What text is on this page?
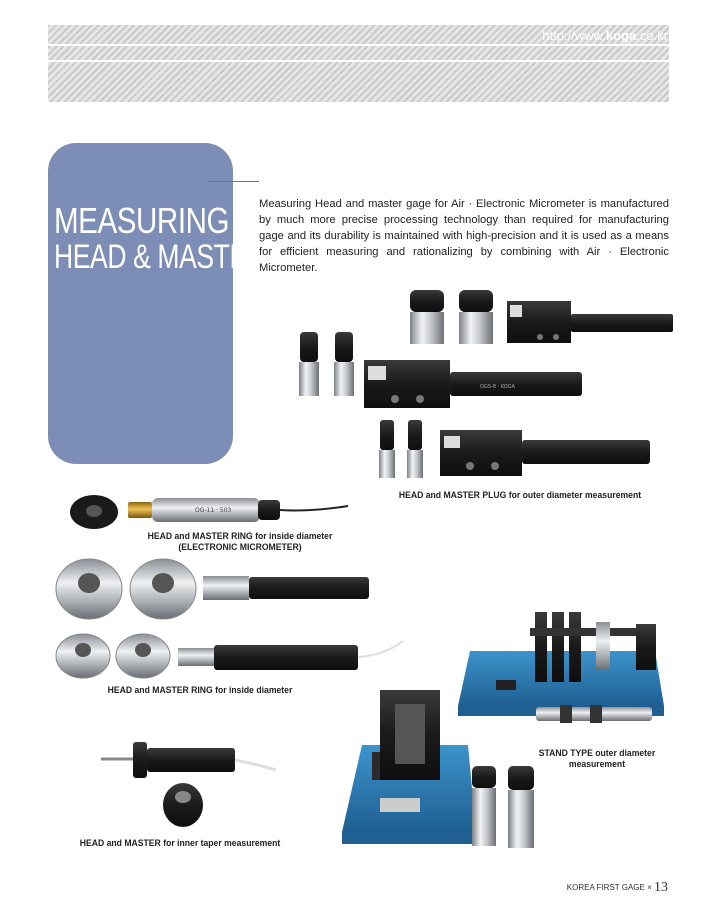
http://www.koga.co.kr
MEASURING
HEAD & MASTER
Measuring Head and master gage for Air · Electronic Micrometer is manufactured by much more precise processing technology than required for manufacturing gage and its durability is maintained with high-precision and it is used as a means for efficient measuring and rationalizing by combining with Air · Electronic Micrometer.
OGS-8 · KOGA
OG-11 · 503
HEAD and MASTER PLUG for outer diameter measurement
HEAD and MASTER RING for inside diameter
(ELECTRONIC MICROMETER)
HEAD and MASTER RING for inside diameter
STAND TYPE outer diameter
measurement
HEAD and MASTER for inner taper measurement
KOREA FIRST GAGE × 13
